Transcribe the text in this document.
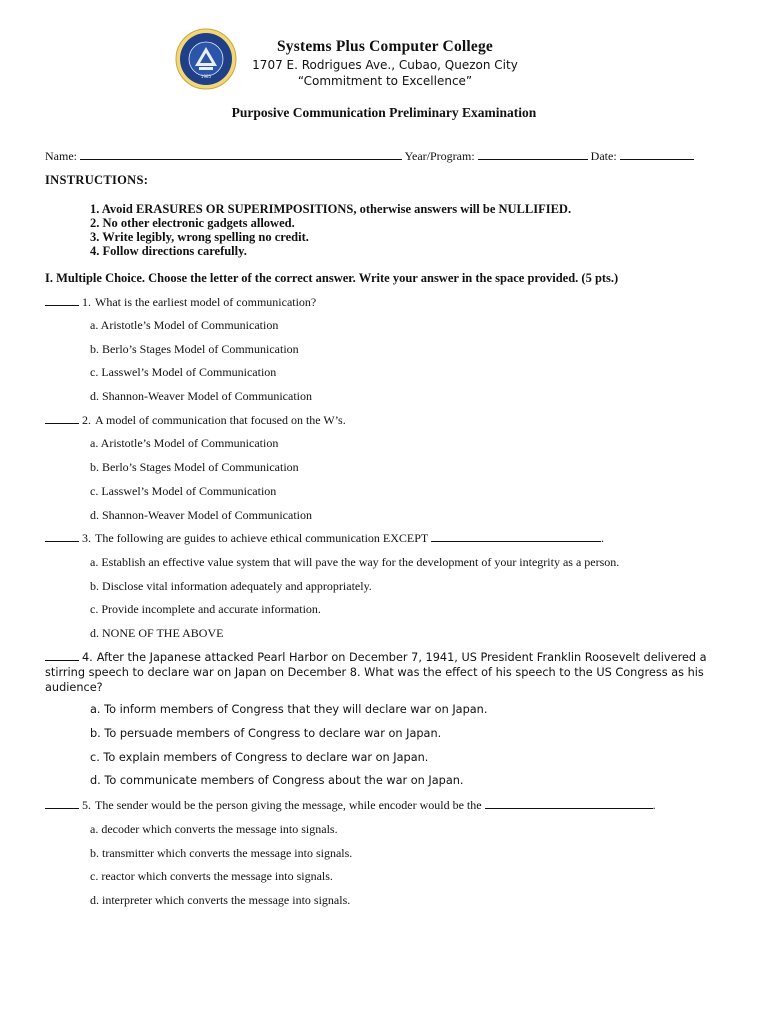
1985
Systems Plus Computer College
1707 E. Rodrigues Ave., Cubao, Quezon City
“Commitment to Excellence”
Purposive Communication Preliminary Examination
Name:	Year/Program:	Date:
INSTRUCTIONS:
1. Avoid ERASURES OR SUPERIMPOSITIONS, otherwise answers will be NULLIFIED.
2. No other electronic gadgets allowed.
3. Write legibly, wrong spelling no credit.
4. Follow directions carefully.
I. Multiple Choice. Choose the letter of the correct answer. Write your answer in the space provided. (5 pts.)
1. What is the earliest model of communication?
a. Aristotle’s Model of Communication
b. Berlo’s Stages Model of Communication
c. Lasswel’s Model of Communication
d. Shannon-Weaver Model of Communication
2. A model of communication that focused on the W’s.
a. Aristotle’s Model of Communication
b. Berlo’s Stages Model of Communication
c. Lasswel’s Model of Communication
d. Shannon-Weaver Model of Communication
3. The following are guides to achieve ethical communication EXCEPT	.
a. Establish an effective value system that will pave the way for the development of your integrity as a person.
b. Disclose vital information adequately and appropriately.
c. Provide incomplete and accurate information.
d. NONE OF THE ABOVE
4. After the Japanese attacked Pearl Harbor on December 7, 1941, US President Franklin Roosevelt delivered a stirring speech to declare war on Japan on December 8. What was the effect of his speech to the US Congress as his audience?
a. To inform members of Congress that they will declare war on Japan.
b. To persuade members of Congress to declare war on Japan.
c. To explain members of Congress to declare war on Japan.
d. To communicate members of Congress about the war on Japan.
5. The sender would be the person giving the message, while encoder would be the	.
a. decoder which converts the message into signals.
b. transmitter which converts the message into signals.
c. reactor which converts the message into signals.
d. interpreter which converts the message into signals.
